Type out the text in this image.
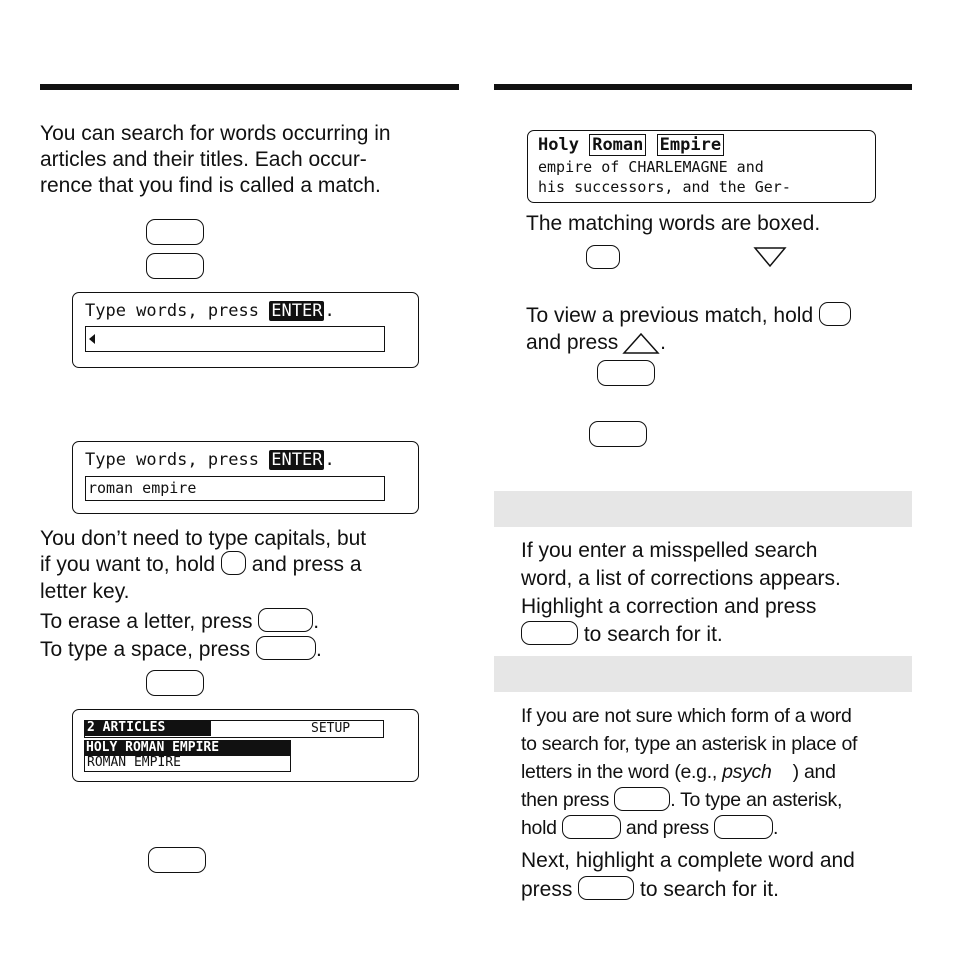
You can search for words occurring in
articles and their titles. Each occur-
rence that you find is called a match.
Type words, press ENTER .
Type words, press ENTER .
roman empire
You don’t need to type capitals, but
if you want to, hold and press a
letter key.
To erase a letter, press	.
To type a space, press	.
2 ARTICLES	SETUP
HOLY ROMAN EMPIRE
ROMAN EMPIRE
Holy Roman Empire
empire of CHARLEMAGNE and
his successors, and the Ger-
The matching words are boxed.
To view a previous match, hold
and press .
If you enter a misspelled search
word, a list of corrections appears.
Highlight a correction and press
to search for it.
If you are not sure which form of a word
to search for, type an asterisk in place of
letters in the word (e.g., psych ) and
then press	. To type an asterisk,
hold	and press	.
Next, highlight a complete word and
press	to search for it.
